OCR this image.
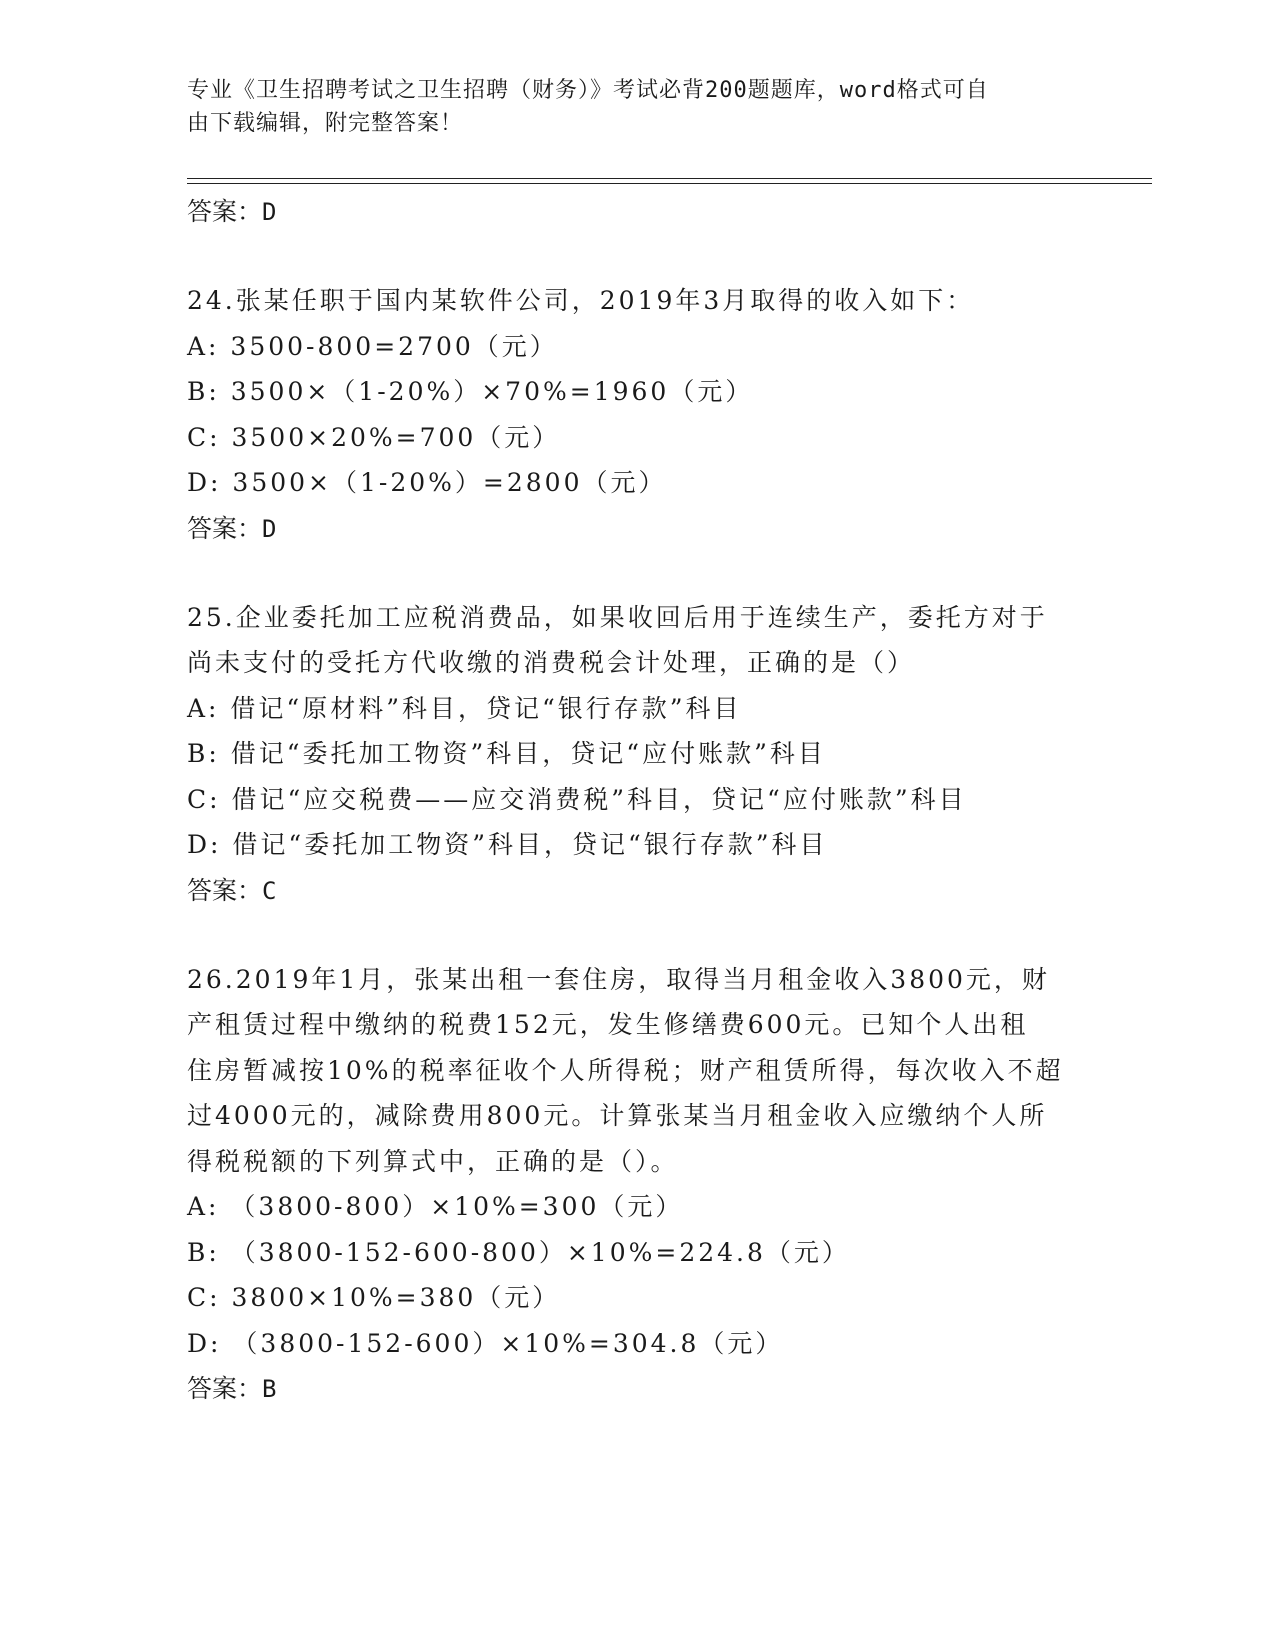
专业《卫生招聘考试之卫生招聘（财务）》考试必背200题题库，word格式可自
由下载编辑，附完整答案！
答案：D
24.张某任职于国内某软件公司，2019年3月取得的收入如下：
A: 3500-800=2700（元）
B: 3500×（1-20%）×70%=1960（元）
C: 3500×20%=700（元）
D: 3500×（1-20%）=2800（元）
答案：D
25.企业委托加工应税消费品，如果收回后用于连续生产，委托方对于
尚未支付的受托方代收缴的消费税会计处理，正确的是（）
A: 借记“原材料”科目，贷记“银行存款”科目
B: 借记“委托加工物资”科目，贷记“应付账款”科目
C: 借记“应交税费——应交消费税”科目，贷记“应付账款”科目
D: 借记“委托加工物资”科目，贷记“银行存款”科目
答案：C
26.2019年1月，张某出租一套住房，取得当月租金收入3800元，财
产租赁过程中缴纳的税费152元，发生修缮费600元。已知个人出租
住房暂减按10%的税率征收个人所得税；财产租赁所得，每次收入不超
过4000元的，减除费用800元。计算张某当月租金收入应缴纳个人所
得税税额的下列算式中，正确的是（）。
A: （3800-800）×10%=300（元）
B: （3800-152-600-800）×10%=224.8（元）
C: 3800×10%=380（元）
D: （3800-152-600）×10%=304.8（元）
答案：B
